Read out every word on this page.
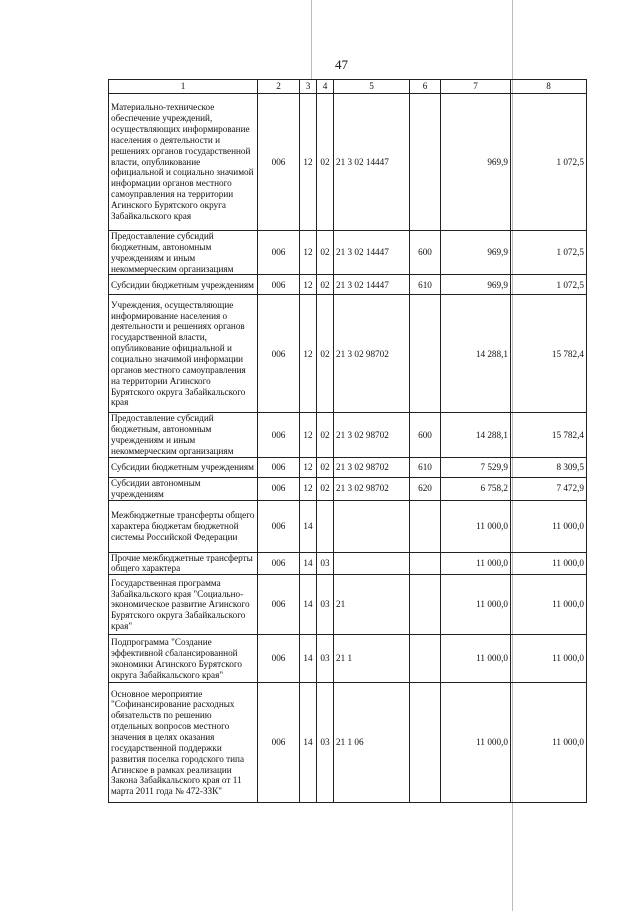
47
1	2	3	4	5	6	7	8
Материально-техническое обеспечение учреждений, осуществляющих информирование населения о деятельности и решениях органов государственной власти, опубликование официальной и социально значимой информации органов местного самоуправления на территории Агинского Бурятского округа Забайкальского края	006	12	02	21 3 02 14447		969,9	1 072,5
Предоставление субсидий бюджетным, автономным учреждениям и иным некоммерческим организациям	006	12	02	21 3 02 14447	600	969,9	1 072,5
Субсидии бюджетным учреждениям	006	12	02	21 3 02 14447	610	969,9	1 072,5
Учреждения, осуществляющие информирование населения о деятельности и решениях органов государственной власти, опубликование официальной и социально значимой информации органов местного самоуправления на территории Агинского Бурятского округа Забайкальского края	006	12	02	21 3 02 98702		14 288,1	15 782,4
Предоставление субсидий бюджетным, автономным учреждениям и иным некоммерческим организациям	006	12	02	21 3 02 98702	600	14 288,1	15 782,4
Субсидии бюджетным учреждениям	006	12	02	21 3 02 98702	610	7 529,9	8 309,5
Субсидии автономным учреждениям	006	12	02	21 3 02 98702	620	6 758,2	7 472,9
Межбюджетные трансферты общего характера бюджетам бюджетной системы Российской Федерации	006	14				11 000,0	11 000,0
Прочие межбюджетные трансферты общего характера	006	14	03			11 000,0	11 000,0
Государственная программа Забайкальского края "Социально-экономическое развитие Агинского Бурятского округа Забайкальского края"	006	14	03	21		11 000,0	11 000,0
Подпрограмма "Создание эффективной сбалансированной экономики Агинского Бурятского округа Забайкальского края"	006	14	03	21 1		11 000,0	11 000,0
Основное мероприятие "Софинансирование расходных обязательств по решению отдельных вопросов местного значения в целях оказания государственной поддержки развития поселка городского типа Агинское в рамках реализации Закона Забайкальского края от 11 марта 2011 года № 472-ЗЗК"	006	14	03	21 1 06		11 000,0	11 000,0
